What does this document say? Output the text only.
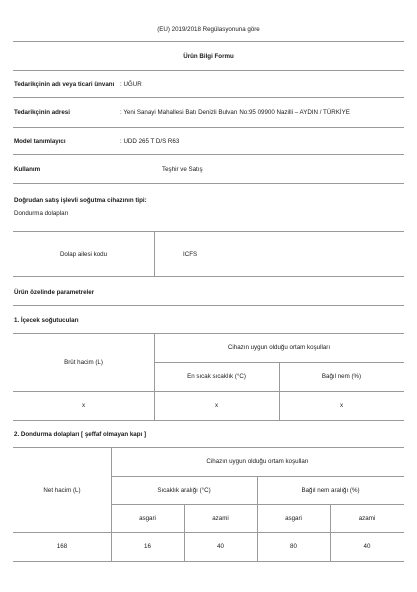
(EU) 2019/2018 Regülasyonuna göre
Ürün Bilgi Formu
Tedarikçinin adı veya ticari ünvanı : UĞUR
Tedarikçinin adresi	: Yeni Sanayi Mahallesi Batı Denizli Bulvarı No:95 09900 Nazilli – AYDIN / TÜRKİYE
Model tanımlayıcı	: UDD 265 T D/S R63
Kullanım	Teşhir ve Satış
Doğrudan satış işlevli soğutma cihazının tipi:
Dondurma dolapları
Dolap ailesi kodu	ICFS
Ürün özelinde parametreler
1. İçecek soğutucuları
Brüt hacim (L)
Cihazın uygun olduğu ortam koşulları
En sıcak sıcaklık (°C)	Bağıl nem (%)
x	x	x
2. Dondurma dolapları [ şeffaf olmayan kapı ]
Net hacim (L)
Cihazın uygun olduğu ortam koşulları
Sıcaklık aralığı (°C)	Bağıl nem aralığı (%)
asgari	azami	asgari	azami
168	16	40	80	40
